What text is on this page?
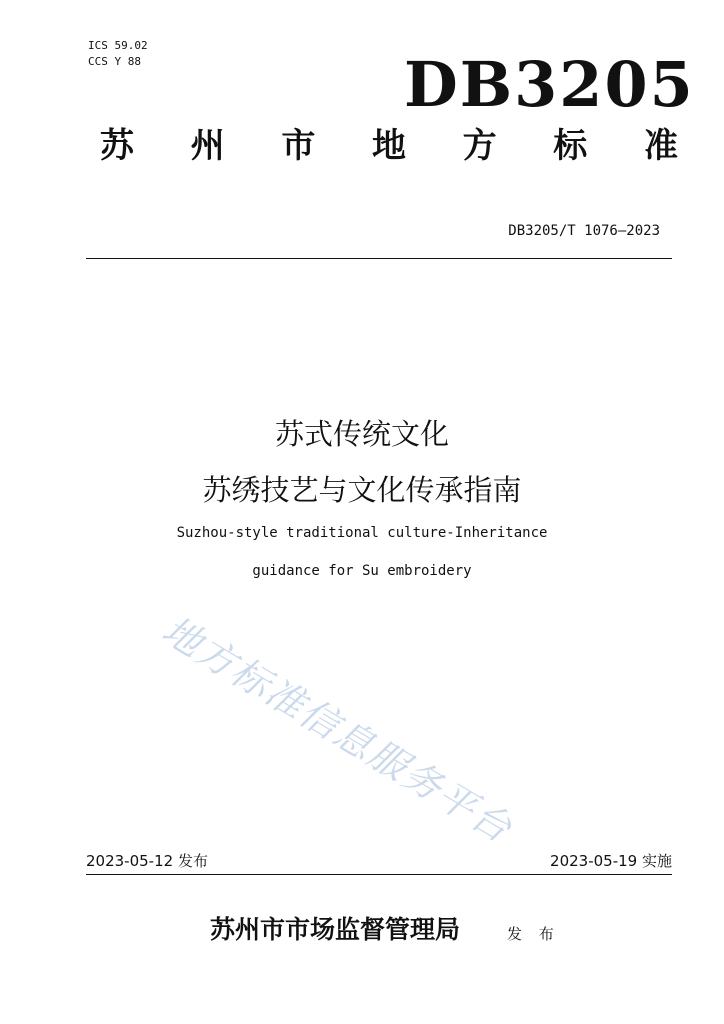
ICS 59.02
CCS Y 88	DB3205
苏 州 市 地 方 标 准
DB3205/T 1076—2023
苏式传统文化
苏绣技艺与文化传承指南
Suzhou-style traditional culture-Inheritance
guidance for Su embroidery
地方标准信息服务平台
2023-05-12 发布	2023-05-19 实施
苏州市市场监督管理局	发 布
